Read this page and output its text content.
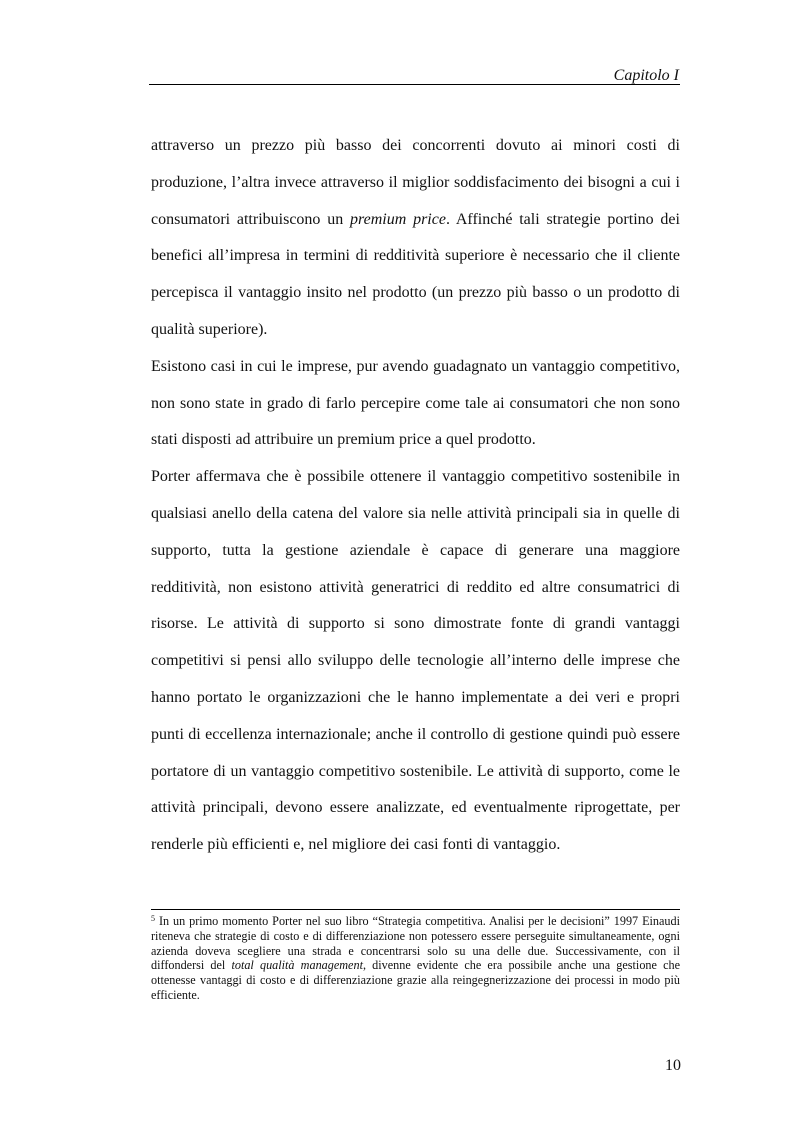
Capitolo I

attraverso un prezzo più basso dei concorrenti dovuto ai minori costi di produzione, l’altra invece attraverso il miglior soddisfacimento dei bisogni a cui i consumatori attribuiscono un premium price. Affinché tali strategie portino dei benefici all’impresa in termini di redditività superiore è necessario che il cliente percepisca il vantaggio insito nel prodotto (un prezzo più basso o un prodotto di qualità superiore).

Esistono casi in cui le imprese, pur avendo guadagnato un vantaggio competitivo, non sono state in grado di farlo percepire come tale ai consumatori che non sono stati disposti ad attribuire un premium price a quel prodotto.

Porter affermava che è possibile ottenere il vantaggio competitivo sostenibile in qualsiasi anello della catena del valore sia nelle attività principali sia in quelle di supporto, tutta la gestione aziendale è capace di generare una maggiore redditività, non esistono attività generatrici di reddito ed altre consumatrici di risorse. Le attività di supporto si sono dimostrate fonte di grandi vantaggi competitivi si pensi allo sviluppo delle tecnologie all’interno delle imprese che hanno portato le organizzazioni che le hanno implementate a dei veri e propri punti di eccellenza internazionale; anche il controllo di gestione quindi può essere portatore di un vantaggio competitivo sostenibile. Le attività di supporto, come le attività principali, devono essere analizzate, ed eventualmente riprogettate, per renderle più efficienti e, nel migliore dei casi fonti di vantaggio.

$^5$ In un primo momento Porter nel suo libro “Strategia competitiva. Analisi per le decisioni” 1997 Einaudi riteneva che strategie di costo e di differenziazione non potessero essere perseguite simultaneamente, ogni azienda doveva scegliere una strada e concentrarsi solo su una delle due. Successivamente, con il diffondersi del total qualità management, divenne evidente che era possibile anche una gestione che ottenesse vantaggi di costo e di differenziazione grazie alla reingegnerizzazione dei processi in modo più efficiente.
10
